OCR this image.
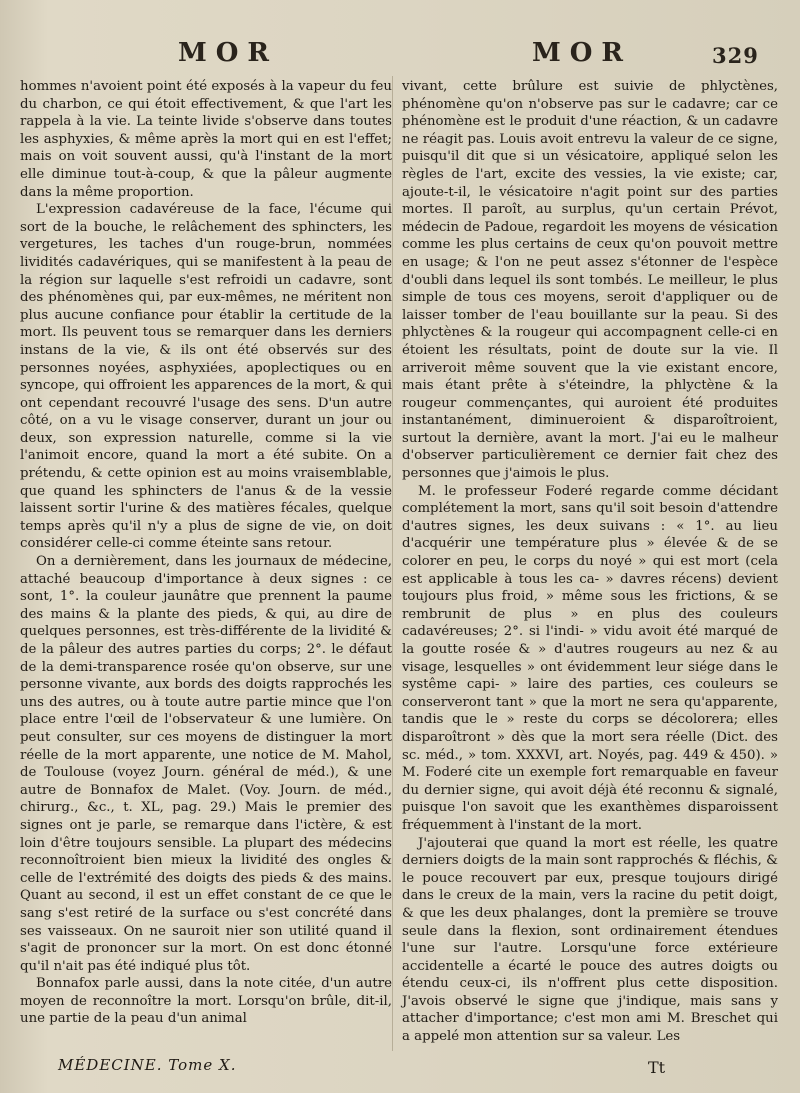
MOR	MOR	329

hommes n'avoient point été exposés à la vapeur du feu du charbon, ce qui étoit effectivement, & que l'art les rappela à la vie. La teinte livide s'observe dans toutes les asphyxies, & même après la mort qui en est l'effet; mais on voit souvent aussi, qu'à l'instant de la mort elle diminue tout-à-coup, & que la pâleur augmente dans la même proportion.

L'expression cadavéreuse de la face, l'écume qui sort de la bouche, le relâchement des sphincters, les vergetures, les taches d'un rouge-brun, nommées lividités cadavériques, qui se manifestent à la peau de la région sur laquelle s'est refroidi un cadavre, sont des phénomènes qui, par eux-mêmes, ne méritent non plus aucune confiance pour établir la certitude de la mort. Ils peuvent tous se remarquer dans les derniers instans de la vie, & ils ont été observés sur des personnes noyées, asphyxiées, apoplectiques ou en syncope, qui offroient les apparences de la mort, & qui ont cependant recouvré l'usage des sens. D'un autre côté, on a vu le visage conserver, durant un jour ou deux, son expression naturelle, comme si la vie l'animoit encore, quand la mort a été subite. On a prétendu, & cette opinion est au moins vraisemblable, que quand les sphincters de l'anus & de la vessie laissent sortir l'urine & des matières fécales, quelque temps après qu'il n'y a plus de signe de vie, on doit considérer celle-ci comme éteinte sans retour.

On a dernièrement, dans les journaux de médecine, attaché beaucoup d'importance à deux signes : ce sont, 1°. la couleur jaunâtre que prennent la paume des mains & la plante des pieds, & qui, au dire de quelques personnes, est très-différente de la lividité & de la pâleur des autres parties du corps; 2°. le défaut de la demi-transparence rosée qu'on observe, sur une personne vivante, aux bords des doigts rapprochés les uns des autres, ou à toute autre partie mince que l'on place entre l'œil de l'observateur & une lumière. On peut consulter, sur ces moyens de distinguer la mort réelle de la mort apparente, une notice de M. Mahol, de Toulouse (voyez Journ. général de méd.), & une autre de Bonnafox de Malet. (Voy. Journ. de méd., chirurg., &c., t. XL, pag. 29.) Mais le premier des signes ont je parle, se remarque dans l'ictère, & est loin d'être toujours sensible. La plupart des médecins reconnoîtroient bien mieux la lividité des ongles & celle de l'extrémité des doigts des pieds & des mains. Quant au second, il est un effet constant de ce que le sang s'est retiré de la surface ou s'est concrété dans ses vaisseaux. On ne sauroit nier son utilité quand il s'agit de prononcer sur la mort. On est donc étonné qu'il n'ait pas été indiqué plus tôt.

Bonnafox parle aussi, dans la note citée, d'un autre moyen de reconnoître la mort. Lorsqu'on brûle, dit-il, une partie de la peau d'un animal

vivant, cette brûlure est suivie de phlyctènes, phénomène qu'on n'observe pas sur le cadavre; car ce phénomène est le produit d'une réaction, & un cadavre ne réagit pas. Louis avoit entrevu la valeur de ce signe, puisqu'il dit que si un vésicatoire, appliqué selon les règles de l'art, excite des vessies, la vie existe; car, ajoute-t-il, le vésicatoire n'agit point sur des parties mortes. Il paroît, au surplus, qu'un certain Prévot, médecin de Padoue, regardoit les moyens de vésication comme les plus certains de ceux qu'on pouvoit mettre en usage; & l'on ne peut assez s'étonner de l'espèce d'oubli dans lequel ils sont tombés. Le meilleur, le plus simple de tous ces moyens, seroit d'appliquer ou de laisser tomber de l'eau bouillante sur la peau. Si des phlyctènes & la rougeur qui accompagnent celle-ci en étoient les résultats, point de doute sur la vie. Il arriveroit même souvent que la vie existant encore, mais étant prête à s'éteindre, la phlyctène & la rougeur commençantes, qui auroient été produites instantanément, diminueroient & disparoîtroient, surtout la dernière, avant la mort. J'ai eu le malheur d'observer particulièrement ce dernier fait chez des personnes que j'aimois le plus.

M. le professeur Foderé regarde comme décidant complétement la mort, sans qu'il soit besoin d'attendre d'autres signes, les deux suivans : « 1°. au lieu d'acquérir une température plus » élevée & de se colorer en peu, le corps du noyé » qui est mort (cela est applicable à tous les ca- » davres récens) devient toujours plus froid, » même sous les frictions, & se rembrunit de plus » en plus des couleurs cadavéreuses; 2°. si l'indi- » vidu avoit été marqué de la goutte rosée & » d'autres rougeurs au nez & au visage, lesquelles » ont évidemment leur siége dans le systême capi- » laire des parties, ces couleurs se conserveront tant » que la mort ne sera qu'apparente, tandis que le » reste du corps se décolorera; elles disparoîtront » dès que la mort sera réelle (Dict. des sc. méd., » tom. XXXVI, art. Noyés, pag. 449 & 450). » M. Foderé cite un exemple fort remarquable en faveur du dernier signe, qui avoit déjà été reconnu & signalé, puisque l'on savoit que les exanthèmes disparoissent fréquemment à l'instant de la mort.

J'ajouterai que quand la mort est réelle, les quatre derniers doigts de la main sont rapprochés & fléchis, & le pouce recouvert par eux, presque toujours dirigé dans le creux de la main, vers la racine du petit doigt, & que les deux phalanges, dont la première se trouve seule dans la flexion, sont ordinairement étendues l'une sur l'autre. Lorsqu'une force extérieure accidentelle a écarté le pouce des autres doigts ou étendu ceux-ci, ils n'offrent plus cette disposition. J'avois observé le signe que j'indique, mais sans y attacher d'importance; c'est mon ami M. Breschet qui a appelé mon attention sur sa valeur. Les

MÉDECINE. Tome X.	Tt
